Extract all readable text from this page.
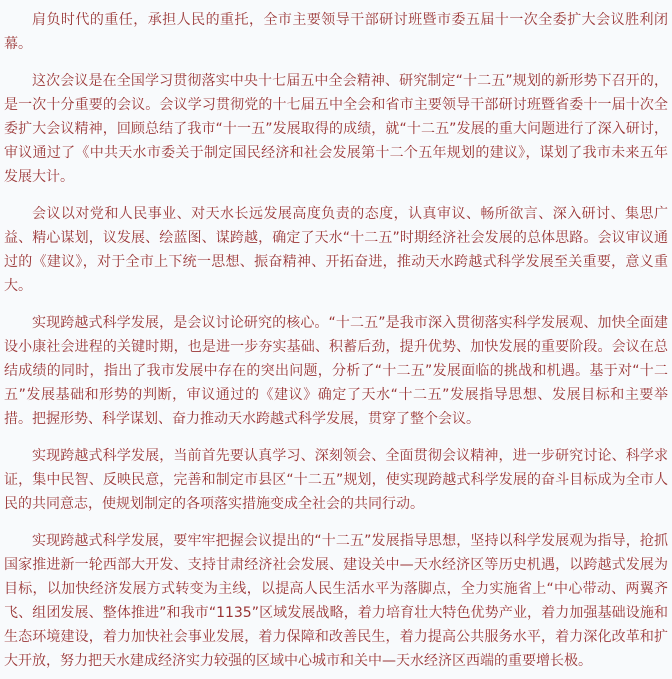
肩负时代的重任，承担人民的重托，全市主要领导干部研讨班暨市委五届十一次全委扩大会议胜利闭幕。

这次会议是在全国学习贯彻落实中央十七届五中全会精神、研究制定“十二五”规划的新形势下召开的，是一次十分重要的会议。会议学习贯彻党的十七届五中全会和省市主要领导干部研讨班暨省委十一届十次全委扩大会议精神，回顾总结了我市“十一五”发展取得的成绩，就“十二五”发展的重大问题进行了深入研讨，审议通过了《中共天水市委关于制定国民经济和社会发展第十二个五年规划的建议》，谋划了我市未来五年发展大计。

会议以对党和人民事业、对天水长远发展高度负责的态度，认真审议、畅所欲言、深入研讨、集思广益、精心谋划，议发展、绘蓝图、谋跨越，确定了天水“十二五”时期经济社会发展的总体思路。会议审议通过的《建议》，对于全市上下统一思想、振奋精神、开拓奋进，推动天水跨越式科学发展至关重要，意义重大。

实现跨越式科学发展，是会议讨论研究的核心。“十二五”是我市深入贯彻落实科学发展观、加快全面建设小康社会进程的关键时期，也是进一步夯实基础、积蓄后劲，提升优势、加快发展的重要阶段。会议在总结成绩的同时，指出了我市发展中存在的突出问题，分析了“十二五”发展面临的挑战和机遇。基于对“十二五”发展基础和形势的判断，审议通过的《建议》确定了天水“十二五”发展指导思想、发展目标和主要举措。把握形势、科学谋划、奋力推动天水跨越式科学发展，贯穿了整个会议。

实现跨越式科学发展，当前首先要认真学习、深刻领会、全面贯彻会议精神，进一步研究讨论、科学求证，集中民智、反映民意，完善和制定市县区“十二五”规划，使实现跨越式科学发展的奋斗目标成为全市人民的共同意志，使规划制定的各项落实措施变成全社会的共同行动。

实现跨越式科学发展，要牢牢把握会议提出的“十二五”发展指导思想，坚持以科学发展观为指导，抢抓国家推进新一轮西部大开发、支持甘肃经济社会发展、建设关中—天水经济区等历史机遇，以跨越式发展为目标，以加快经济发展方式转变为主线，以提高人民生活水平为落脚点，全力实施省上“中心带动、两翼齐飞、组团发展、整体推进”和我市“1135”区域发展战略，着力培育壮大特色优势产业，着力加强基础设施和生态环境建设，着力加快社会事业发展，着力保障和改善民生，着力提高公共服务水平，着力深化改革和扩大开放，努力把天水建成经济实力较强的区域中心城市和关中—天水经济区西端的重要增长极。
